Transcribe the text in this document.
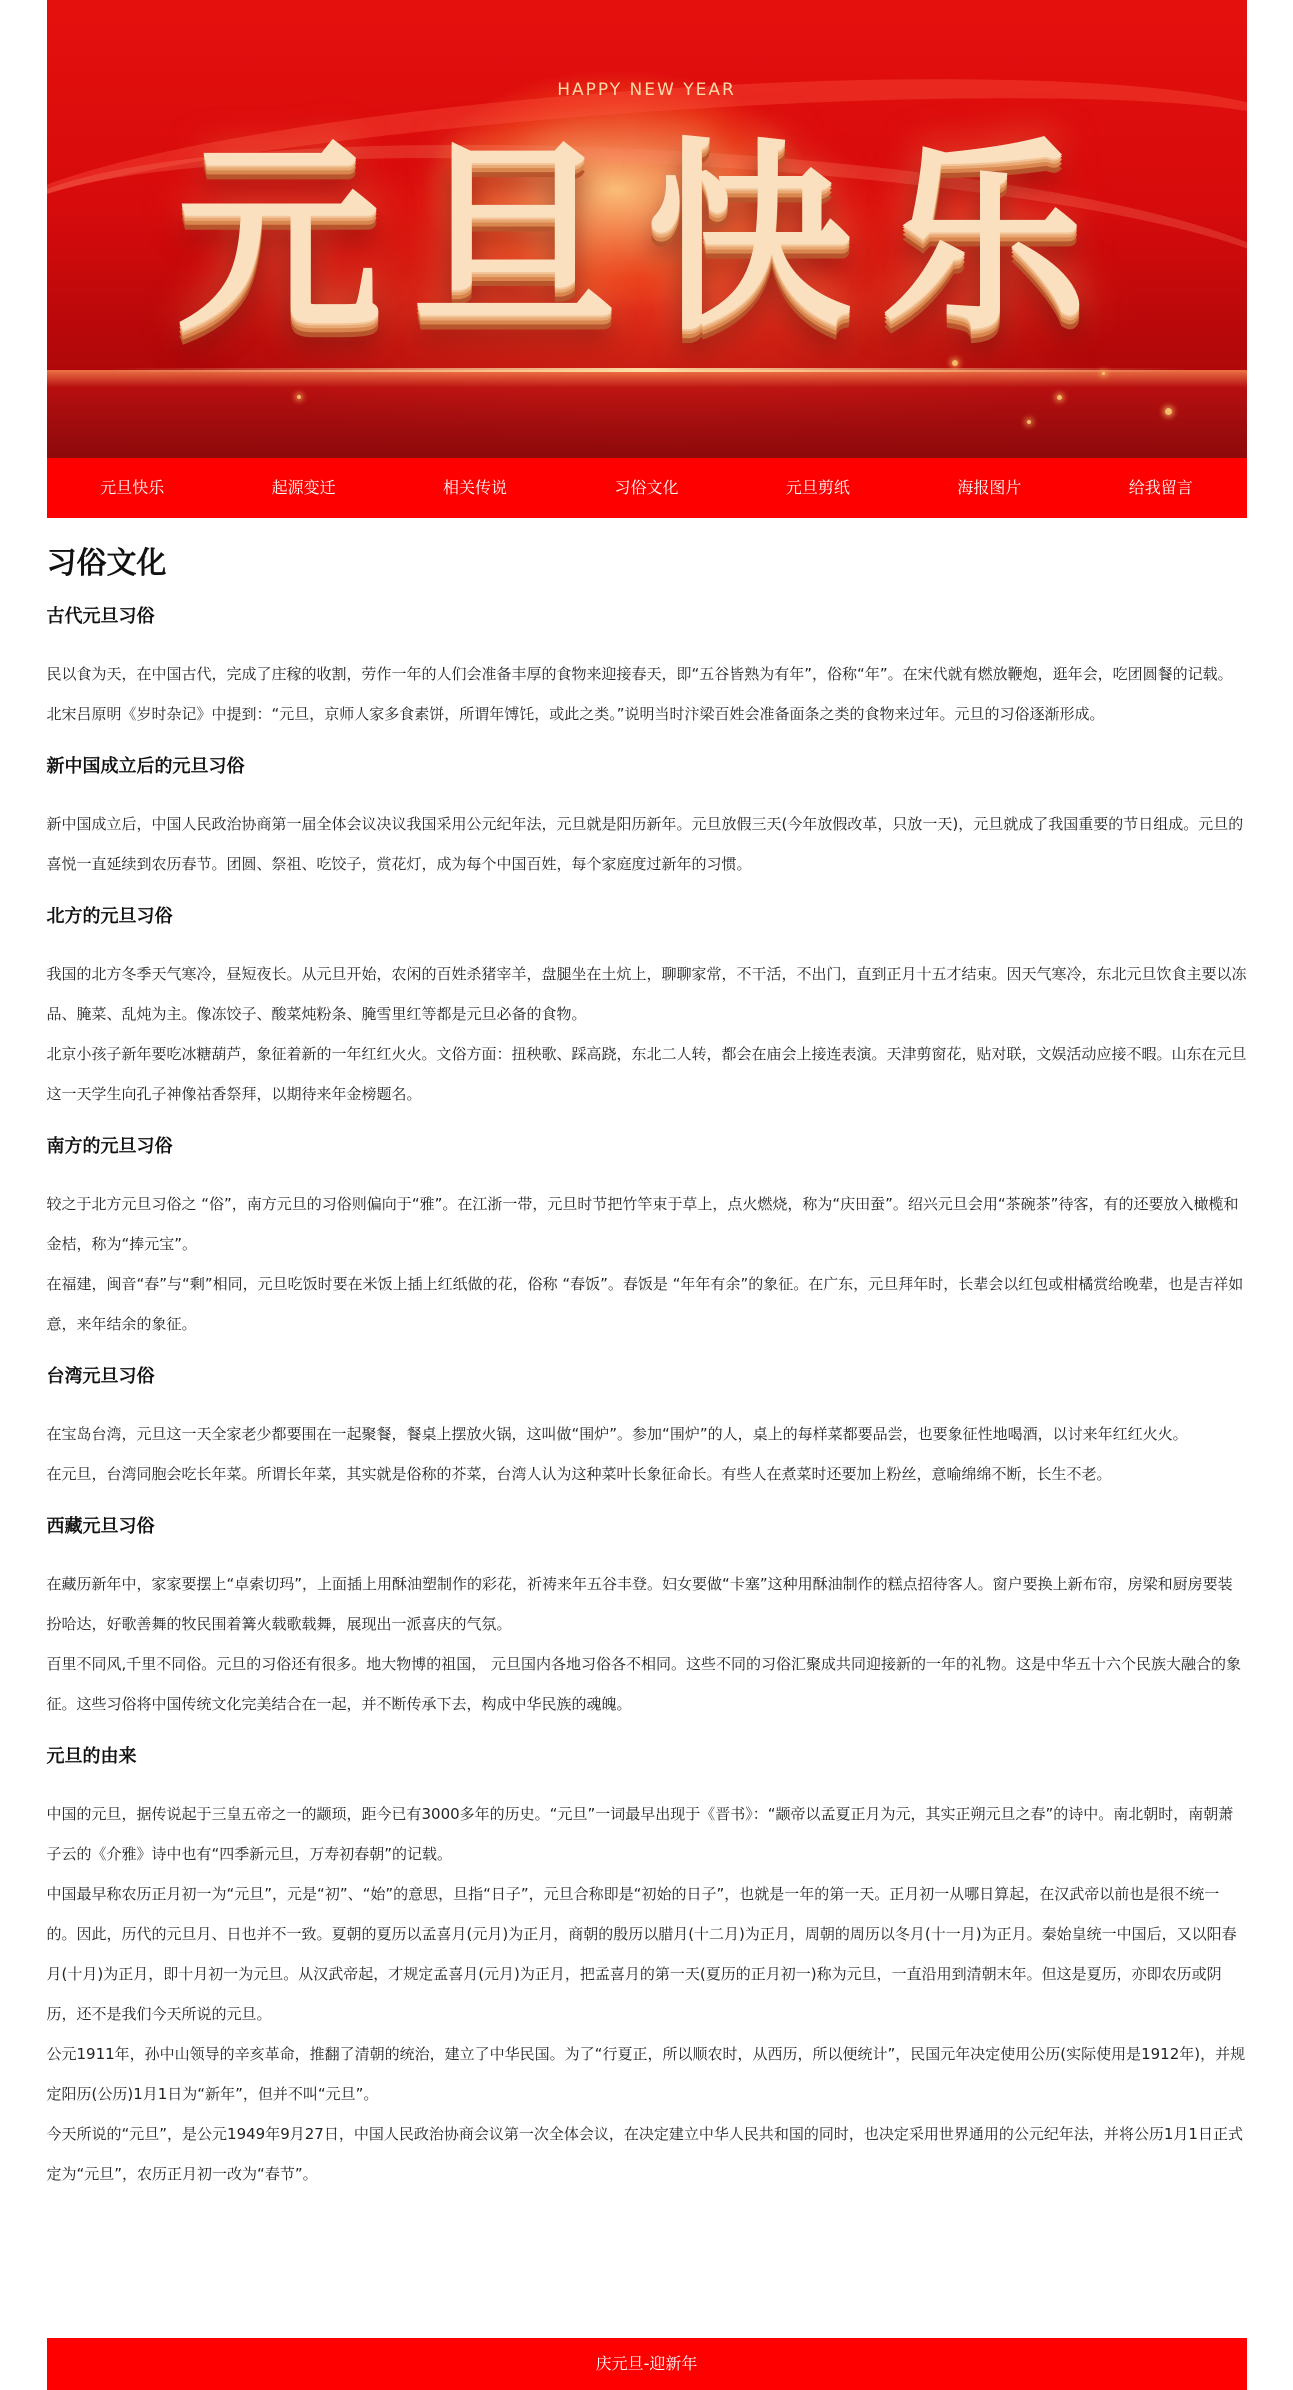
HAPPY NEW YEAR
元旦快乐
元旦快乐	起源变迁	相关传说	习俗文化	元旦剪纸	海报图片	给我留言
习俗文化
古代元旦习俗

民以食为天，在中国古代，完成了庄稼的收割，劳作一年的人们会准备丰厚的食物来迎接春天，即“五谷皆熟为有年”，俗称“年”。在宋代就有燃放鞭炮，逛年会，吃团圆餐的记载。

北宋吕原明《岁时杂记》中提到：“元旦，京师人家多食素饼，所谓年馎饦，或此之类。”说明当时汴梁百姓会准备面条之类的食物来过年。元旦的习俗逐渐形成。

新中国成立后的元旦习俗

新中国成立后，中国人民政治协商第一届全体会议决议我国采用公元纪年法，元旦就是阳历新年。元旦放假三天(今年放假改革，只放一天)，元旦就成了我国重要的节日组成。元旦的喜悦一直延续到农历春节。团圆、祭祖、吃饺子，赏花灯，成为每个中国百姓，每个家庭度过新年的习惯。

北方的元旦习俗

我国的北方冬季天气寒冷，昼短夜长。从元旦开始，农闲的百姓杀猪宰羊，盘腿坐在土炕上，聊聊家常，不干活，不出门，直到正月十五才结束。因天气寒冷，东北元旦饮食主要以冻品、腌菜、乱炖为主。像冻饺子、酸菜炖粉条、腌雪里红等都是元旦必备的食物。

北京小孩子新年要吃冰糖葫芦，象征着新的一年红红火火。文俗方面：扭秧歌、踩高跷，东北二人转，都会在庙会上接连表演。天津剪窗花，贴对联，文娱活动应接不暇。山东在元旦这一天学生向孔子神像祜香祭拜，以期待来年金榜题名。

南方的元旦习俗

较之于北方元旦习俗之 “俗”，南方元旦的习俗则偏向于“雅”。在江浙一带，元旦时节把竹竿束于草上，点火燃烧，称为“庆田蚕”。绍兴元旦会用“茶碗茶”待客，有的还要放入橄榄和金桔，称为“捧元宝”。

在福建，闽音“春”与“剩”相同，元旦吃饭时要在米饭上插上红纸做的花，俗称 “春饭”。春饭是 “年年有余”的象征。在广东，元旦拜年时，长辈会以红包或柑橘赏给晚辈，也是吉祥如意，来年结余的象征。

台湾元旦习俗

在宝岛台湾，元旦这一天全家老少都要围在一起聚餐，餐桌上摆放火锅，这叫做“围炉”。参加“围炉”的人，桌上的每样菜都要品尝，也要象征性地喝酒，以讨来年红红火火。

在元旦，台湾同胞会吃长年菜。所谓长年菜，其实就是俗称的芥菜，台湾人认为这种菜叶长象征命长。有些人在煮菜时还要加上粉丝，意喻绵绵不断，长生不老。

西藏元旦习俗

在藏历新年中，家家要摆上“卓索切玛”，上面插上用酥油塑制作的彩花，祈祷来年五谷丰登。妇女要做“卡塞”这种用酥油制作的糕点招待客人。窗户要换上新布帘，房梁和厨房要装扮哈达，好歌善舞的牧民围着篝火载歌载舞，展现出一派喜庆的气氛。

百里不同风,千里不同俗。元旦的习俗还有很多。地大物博的祖国， 元旦国内各地习俗各不相同。这些不同的习俗汇聚成共同迎接新的一年的礼物。这是中华五十六个民族大融合的象征。这些习俗将中国传统文化完美结合在一起，并不断传承下去，构成中华民族的魂魄。

元旦的由来

中国的元旦，据传说起于三皇五帝之一的颛顼，距今已有3000多年的历史。“元旦”一词最早出现于《晋书》：“颛帝以孟夏正月为元，其实正朔元旦之春”的诗中。南北朝时，南朝萧子云的《介雅》诗中也有“四季新元旦，万寿初春朝”的记载。

中国最早称农历正月初一为“元旦”，元是“初”、“始”的意思，旦指“日子”，元旦合称即是“初始的日子”，也就是一年的第一天。正月初一从哪日算起，在汉武帝以前也是很不统一的。因此，历代的元旦月、日也并不一致。夏朝的夏历以孟喜月(元月)为正月，商朝的殷历以腊月(十二月)为正月，周朝的周历以冬月(十一月)为正月。秦始皇统一中国后，又以阳春月(十月)为正月，即十月初一为元旦。从汉武帝起，才规定孟喜月(元月)为正月，把孟喜月的第一天(夏历的正月初一)称为元旦，一直沿用到清朝末年。但这是夏历，亦即农历或阴历，还不是我们今天所说的元旦。

公元1911年，孙中山领导的辛亥革命，推翻了清朝的统治，建立了中华民国。为了“行夏正，所以顺农时，从西历，所以便统计”，民国元年决定使用公历(实际使用是1912年)，并规定阳历(公历)1月1日为“新年”，但并不叫“元旦”。

今天所说的“元旦”，是公元1949年9月27日，中国人民政治协商会议第一次全体会议，在决定建立中华人民共和国的同时，也决定采用世界通用的公元纪年法，并将公历1月1日正式定为“元旦”，农历正月初一改为“春节”。

庆元旦-迎新年
